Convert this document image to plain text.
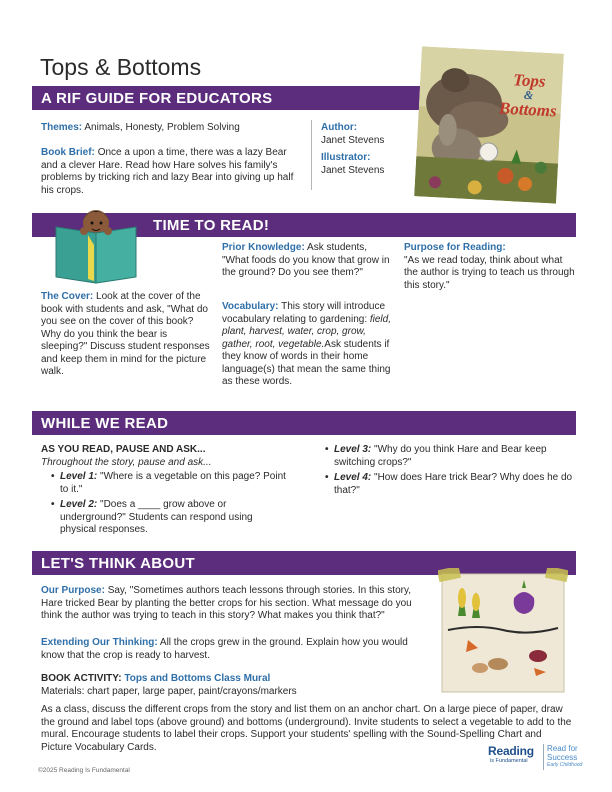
Tops & Bottoms
A RIF GUIDE FOR EDUCATORS
Tops
&
Bottoms
Themes: Animals, Honesty, Problem Solving
Book Brief: Once a upon a time, there was a lazy Bear and a clever Hare. Read how Hare solves his family's problems by tricking rich and lazy Bear into giving up half his crops.
Author:
Janet Stevens
Illustrator:
Janet Stevens
TIME TO READ!
The Cover: Look at the cover of the book with students and ask, "What do you see on the cover of this book? Why do you think the bear is sleeping?" Discuss student responses and keep them in mind for the picture walk.
Prior Knowledge: Ask students, "What foods do you know that grow in the ground? Do you see them?"
Vocabulary: This story will introduce vocabulary relating to gardening: field, plant, harvest, water, crop, grow, gather, root, vegetable.Ask students if they know of words in their home language(s) that mean the same thing as these words.
Purpose for Reading:
"As we read today, think about what the author is trying to teach us through this story."
WHILE WE READ
AS YOU READ, PAUSE AND ASK...
Throughout the story, pause and ask...
• Level 1: "Where is a vegetable on this page? Point to it."
• Level 2: "Does a ____ grow above or underground?" Students can respond using physical responses.
• Level 3: "Why do you think Hare and Bear keep switching crops?"
• Level 4: "How does Hare trick Bear? Why does he do that?"
LET'S THINK ABOUT
Our Purpose: Say, "Sometimes authors teach lessons through stories. In this story, Hare tricked Bear by planting the better crops for his section. What message do you think the author was trying to teach in this story? What makes you think that?"
Extending Our Thinking: All the crops grew in the ground. Explain how you would know that the crop is ready to harvest.
BOOK ACTIVITY: Tops and Bottoms Class Mural
Materials: chart paper, large paper, paint/crayons/markers
As a class, discuss the different crops from the story and list them on an anchor chart. On a large piece of paper, draw the ground and label tops (above ground) and bottoms (underground). Invite students to select a vegetable to add to the mural. Encourage students to label their crops. Support your students' spelling with the Sound-Spelling Chart and Picture Vocabulary Cards.
©2025 Reading Is Fundamental
Reading
is Fundamental
Read for
Success
Early Childhood
